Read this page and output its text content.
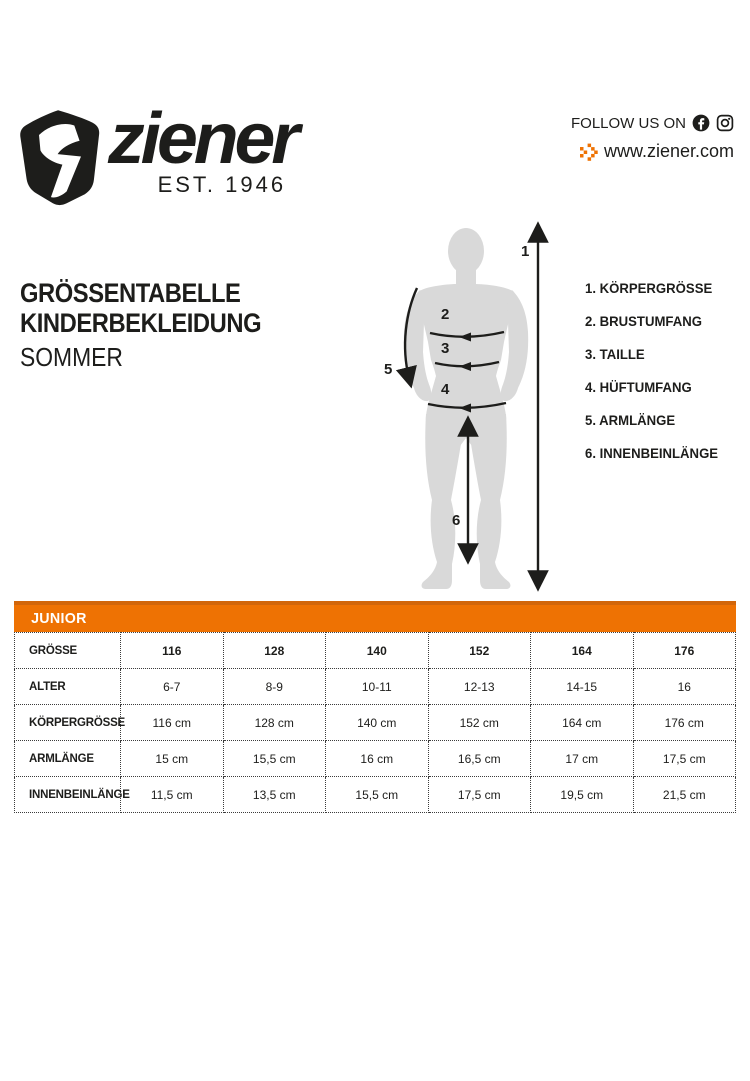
ziener
EST. 1946
FOLLOW US ON
www.ziener.com
GRÖSSENTABELLE
KINDERBEKLEIDUNG
SOMMER
1
2
3
4
5
6
1. KÖRPERGRÖSSE
2. BRUSTUMFANG
3. TAILLE
4. HÜFTUMFANG
5. ARMLÄNGE
6. INNENBEINLÄNGE
JUNIOR
GRÖSSE	116	128	140	152	164	176
ALTER	6-7	8-9	10-11	12-13	14-15	16
KÖRPERGRÖSSE	116 cm	128 cm	140 cm	152 cm	164 cm	176 cm
ARMLÄNGE	15 cm	15,5 cm	16 cm	16,5 cm	17 cm	17,5 cm
INNENBEINLÄNGE	11,5 cm	13,5 cm	15,5 cm	17,5 cm	19,5 cm	21,5 cm
